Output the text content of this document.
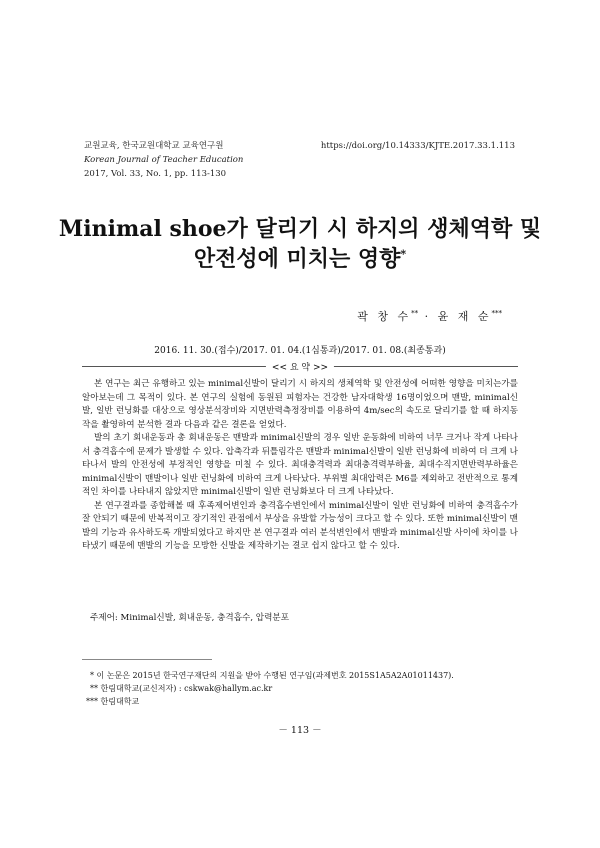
교원교육, 한국교원대학교 교육연구원
Korean Journal of Teacher Education
2017, Vol. 33, No. 1, pp. 113-130
https://doi.org/10.14333/KJTE.2017.33.1.113
Minimal shoe가 달리기 시 하지의 생체역학 및
안전성에 미치는 영향*
곽 창 수** · 윤 재 순***
2016. 11. 30.(접수)/2017. 01. 04.(1심통과)/2017. 01. 08.(최종통과)
<< 요 약 >>

본 연구는 최근 유행하고 있는 minimal신발이 달리기 시 하지의 생체역학 및 안전성에 어떠한 영향을 미치는가를 알아보는데 그 목적이 있다. 본 연구의 실험에 동원된 피험자는 건강한 남자대학생 16명이었으며 맨발, minimal신발, 일반 런닝화를 대상으로 영상분석장비와 지면반력측정장비를 이용하여 4m/sec의 속도로 달리기를 할 때 하지동작을 촬영하여 분석한 결과 다음과 같은 결론을 얻었다.

발의 초기 회내운동과 총 회내운동은 맨발과 minimal신발의 경우 일반 운동화에 비하여 너무 크거나 작게 나타나서 충격흡수에 문제가 발생할 수 있다. 압축각과 뒤틀림각은 맨발과 minimal신발이 일반 런닝화에 비하여 더 크게 나타나서 발의 안전성에 부정적인 영향을 미칠 수 있다. 최대충격력과 최대충격력부하율, 최대수직지면반력부하율은 minimal신발이 맨발이나 일반 런닝화에 비하여 크게 나타났다. 부위별 최대압력은 M6를 제외하고 전반적으로 통계적인 차이를 나타내지 않았지만 minimal신발이 일반 런닝화보다 더 크게 나타났다.

본 연구결과를 종합해볼 때 후족제어변인과 충격흡수변인에서 minimal신발이 일반 런닝화에 비하여 충격흡수가 잘 안되기 때문에 반복적이고 장기적인 관점에서 부상을 유발할 가능성이 크다고 할 수 있다. 또한 minimal신발이 맨발의 기능과 유사하도록 개발되었다고 하지만 본 연구결과 여러 분석변인에서 맨발과 minimal신발 사이에 차이를 나타냈기 때문에 맨발의 기능을 모방한 신발을 제작하기는 결코 쉽지 않다고 할 수 있다.

주제어: Minimal신발, 회내운동, 충격흡수, 압력분포
* 이 논문은 2015년 한국연구재단의 지원을 받아 수행된 연구임(과제번호 2015S1A5A2A01011437).
** 한림대학교(교신저자) : cskwak@hallym.ac.kr
*** 한림대학교
－ 113 －
